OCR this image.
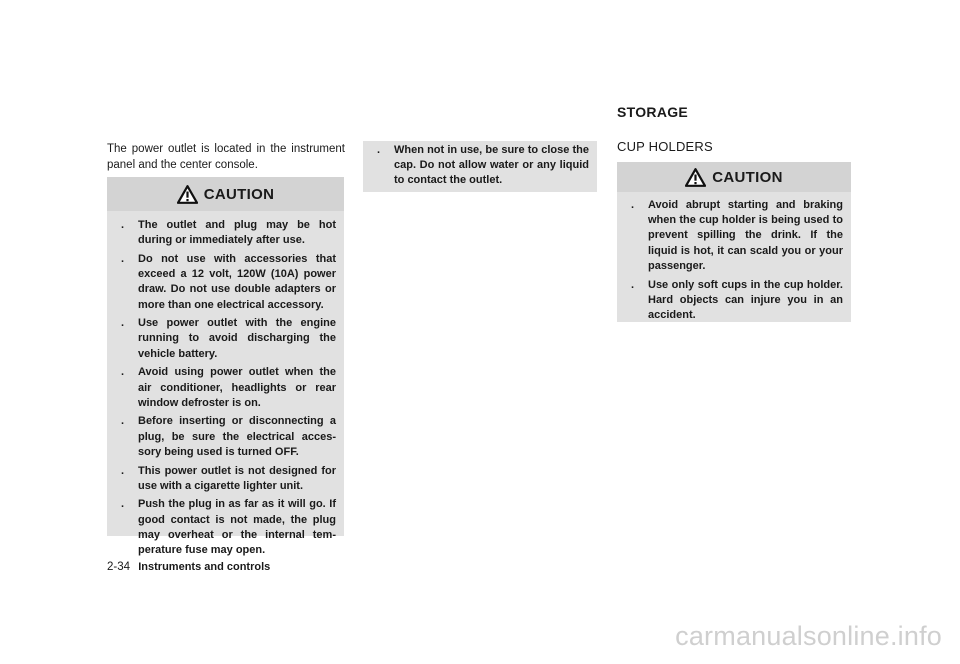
The power outlet is located in the instrument panel and the center console.
CAUTION
. The outlet and plug may be hot during or immediately after use.
. Do not use with accessories that exceed a 12 volt, 120W (10A) power draw. Do not use double adapters or more than one electrical accessory.
. Use power outlet with the engine running to avoid discharging the vehicle battery.
. Avoid using power outlet when the air conditioner, headlights or rear window defroster is on.
. Before inserting or disconnecting a plug, be sure the electrical acces-sory being used is turned OFF.
. This power outlet is not designed for use with a cigarette lighter unit.
. Push the plug in as far as it will go. If good contact is not made, the plug may overheat or the internal tem-perature fuse may open.
. When not in use, be sure to close the cap. Do not allow water or any liquid to contact the outlet.
STORAGE
CUP HOLDERS
CAUTION
. Avoid abrupt starting and braking when the cup holder is being used to prevent spilling the drink. If the liquid is hot, it can scald you or your passenger.
. Use only soft cups in the cup holder. Hard objects can injure you in an accident.
2-34 Instruments and controls
carmanualsonline.info
